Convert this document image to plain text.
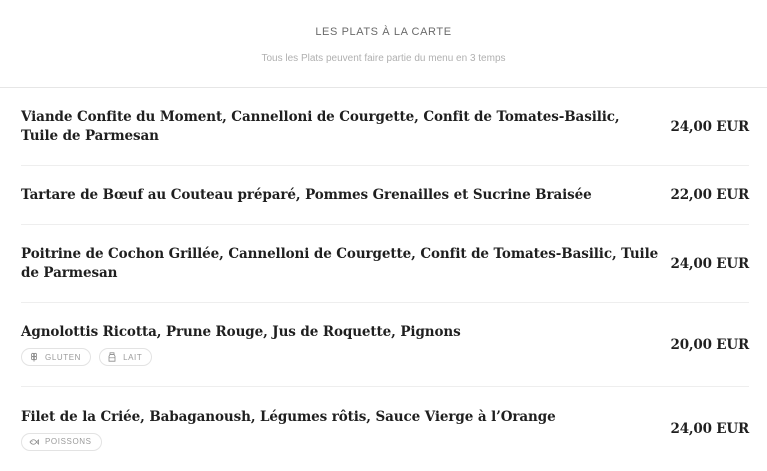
LES PLATS À LA CARTE
Tous les Plats peuvent faire partie du menu en 3 temps
Viande Confite du Moment, Cannelloni de Courgette, Confit de Tomates-Basilic, Tuile de Parmesan
24,00 EUR
Tartare de Bœuf au Couteau préparé, Pommes Grenailles et Sucrine Braisée	22,00 EUR
Poitrine de Cochon Grillée, Cannelloni de Courgette, Confit de Tomates-Basilic, Tuile de Parmesan
24,00 EUR
Agnolottis Ricotta, Prune Rouge, Jus de Roquette, Pignons
GLUTEN	LAIT
20,00 EUR
Filet de la Criée, Babaganoush, Légumes rôtis, Sauce Vierge à l’Orange
POISSONS
24,00 EUR
